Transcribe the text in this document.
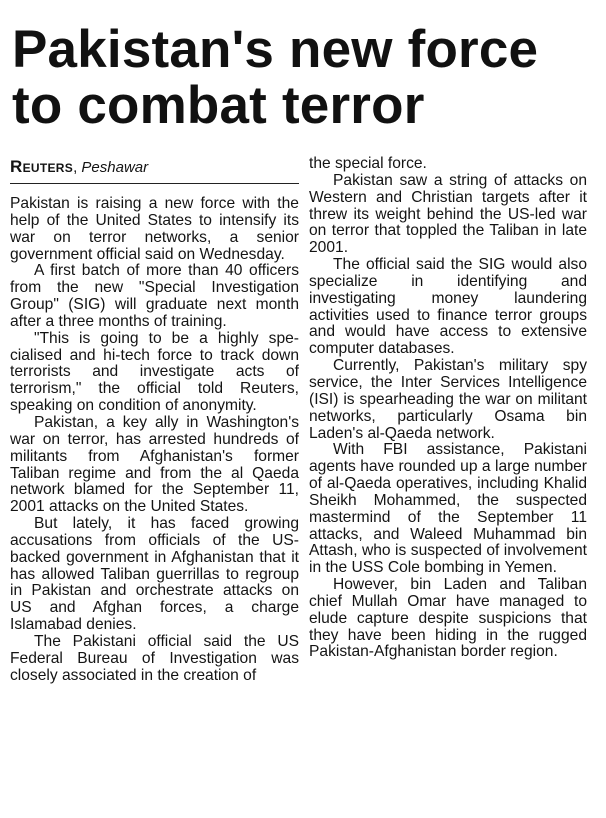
Pakistan's new force
to combat terror
Reuters, Peshawar

Pakistan is raising a new force with the help of the United States to intensify its war on terror networks, a senior government official said on Wednesday.

A first batch of more than 40 officers from the new "Special Investigation Group" (SIG) will graduate next month after a three months of training.

"This is going to be a highly specialised and hi-tech force to track down terrorists and investigate acts of terrorism," the official told Reuters, speaking on condition of anonymity.

Pakistan, a key ally in Washington's war on terror, has arrested hundreds of militants from Afghanistan's former Taliban regime and from the al Qaeda network blamed for the September 11, 2001 attacks on the United States.

But lately, it has faced growing accusations from officials of the US-backed government in Afghanistan that it has allowed Taliban guerrillas to regroup in Pakistan and orchestrate attacks on US and Afghan forces, a charge Islamabad denies.

The Pakistani official said the US Federal Bureau of Investigation was closely associated in the creation of

the special force.

Pakistan saw a string of attacks on Western and Christian targets after it threw its weight behind the US-led war on terror that toppled the Taliban in late 2001.

The official said the SIG would also specialize in identifying and investigating money laundering activities used to finance terror groups and would have access to extensive computer databases.

Currently, Pakistan's military spy service, the Inter Services Intelligence (ISI) is spearheading the war on militant networks, particularly Osama bin Laden's al-Qaeda network.

With FBI assistance, Pakistani agents have rounded up a large number of al-Qaeda operatives, including Khalid Sheikh Mohammed, the suspected mastermind of the September 11 attacks, and Waleed Muhammad bin Attash, who is suspected of involvement in the USS Cole bombing in Yemen.

However, bin Laden and Taliban chief Mullah Omar have managed to elude capture despite suspicions that they have been hiding in the rugged Pakistan-Afghanistan border region.
